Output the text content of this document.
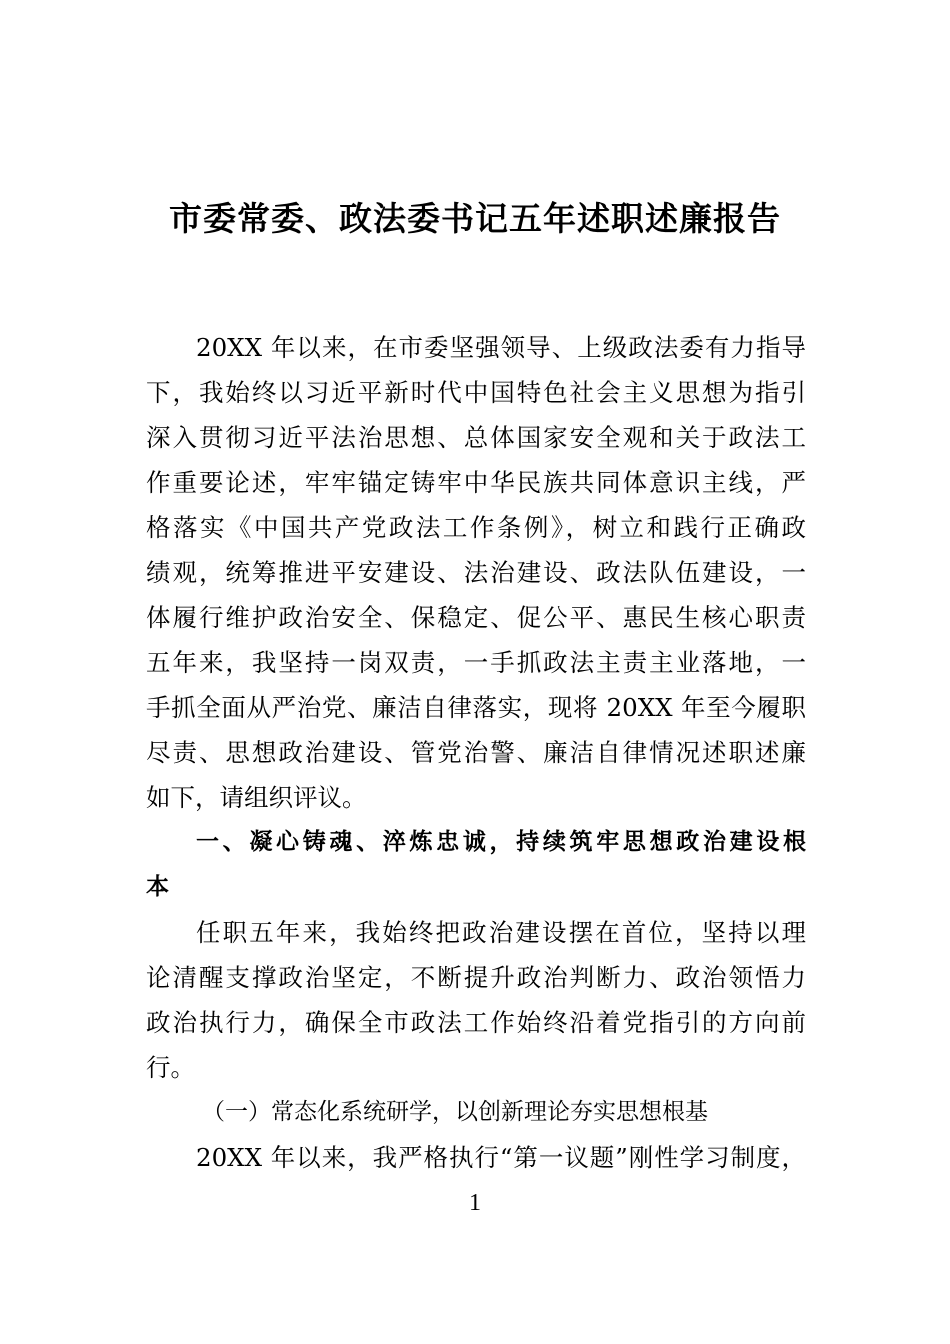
市委常委、政法委书记五年述职述廉报告
20XX 年以来，在市委坚强领导、上级政法委有力指导
下，我始终以习近平新时代中国特色社会主义思想为指引
深入贯彻习近平法治思想、总体国家安全观和关于政法工
作重要论述，牢牢锚定铸牢中华民族共同体意识主线，严
格落实《中国共产党政法工作条例》，树立和践行正确政
绩观，统筹推进平安建设、法治建设、政法队伍建设，一
体履行维护政治安全、保稳定、促公平、惠民生核心职责
五年来，我坚持一岗双责，一手抓政法主责主业落地，一
手抓全面从严治党、廉洁自律落实，现将 20XX 年至今履职
尽责、思想政治建设、管党治警、廉洁自律情况述职述廉
如下，请组织评议。
一、凝心铸魂、淬炼忠诚，持续筑牢思想政治建设根
本
任职五年来，我始终把政治建设摆在首位，坚持以理
论清醒支撑政治坚定，不断提升政治判断力、政治领悟力
政治执行力，确保全市政法工作始终沿着党指引的方向前
行。
（一）常态化系统研学，以创新理论夯实思想根基
20XX 年以来，我严格执行“第一议题”刚性学习制度，
1
